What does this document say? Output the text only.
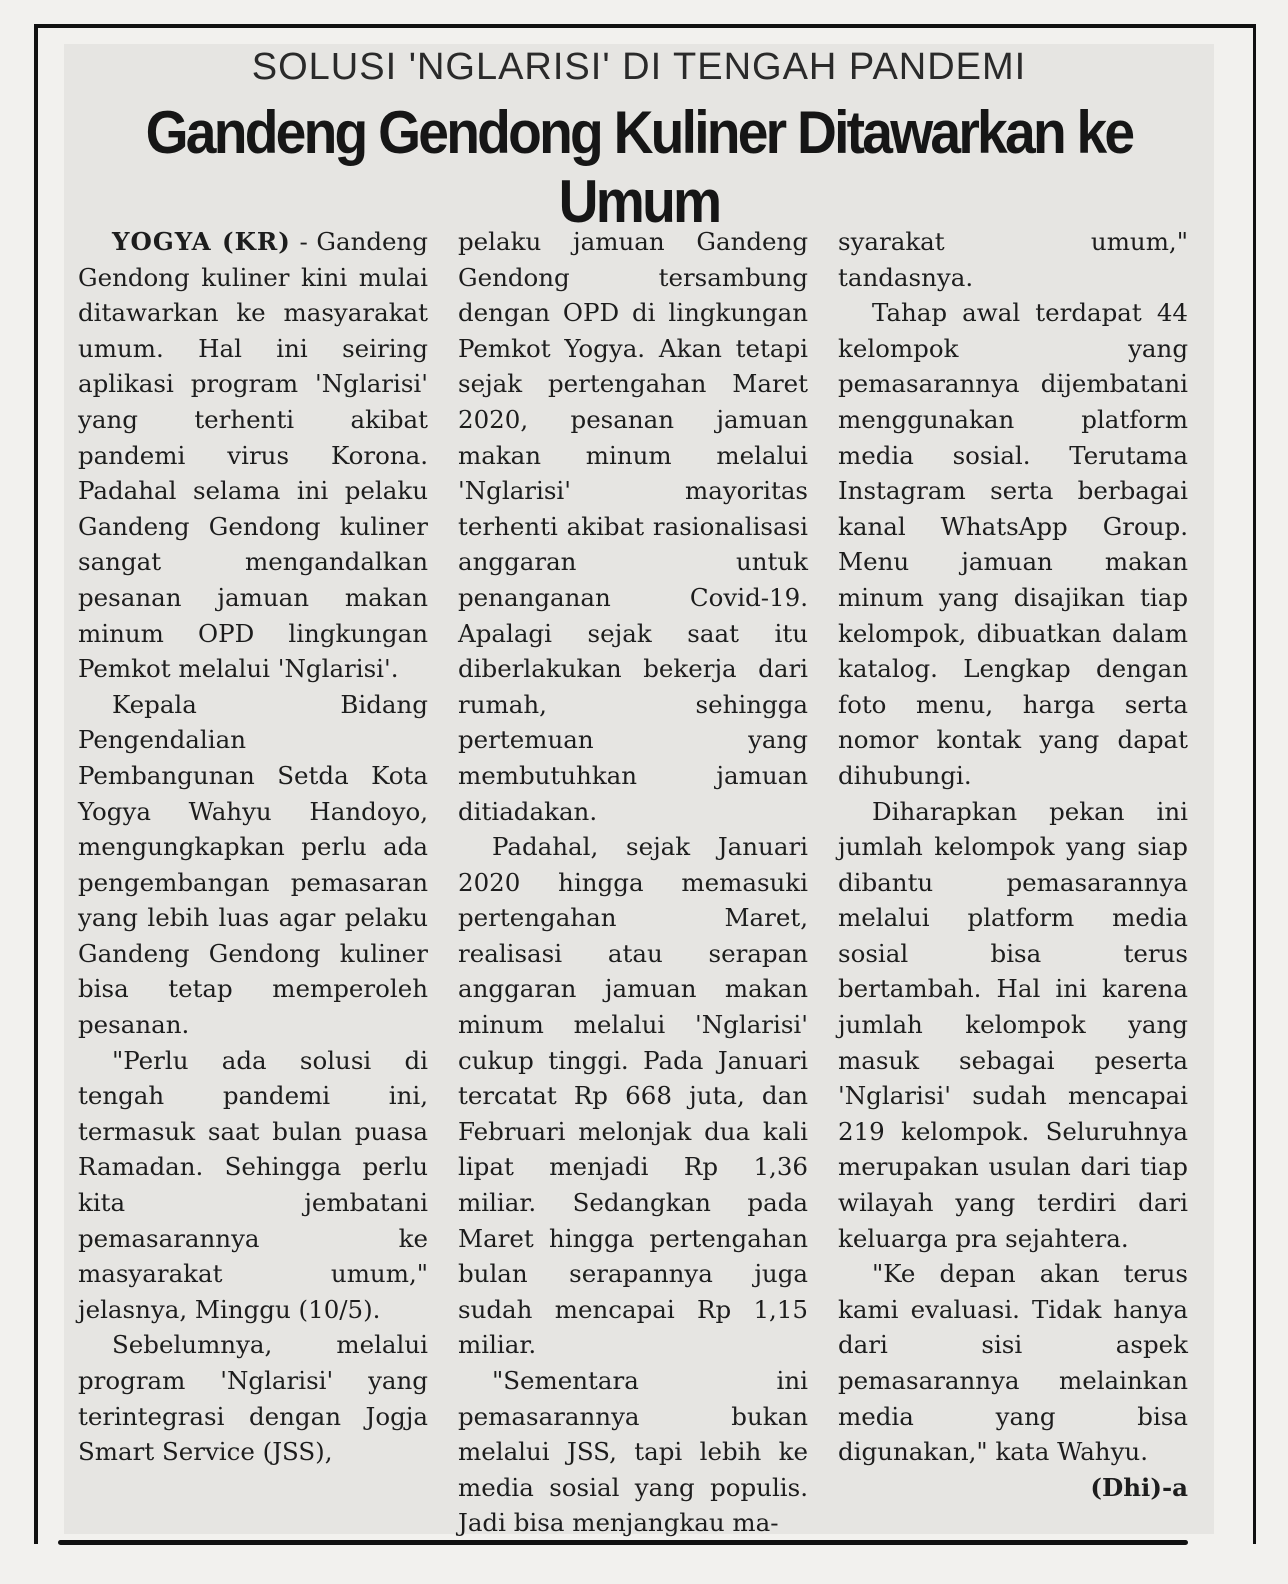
SOLUSI 'NGLARISI' DI TENGAH PANDEMI
Gandeng Gendong Kuliner Ditawarkan ke Umum

YOGYA (KR) - Gandeng Gendong kuliner kini mulai ditawarkan ke masyarakat umum. Hal ini seiring aplikasi program 'Nglarisi' yang terhenti akibat pandemi virus Korona. Padahal selama ini pelaku Gandeng Gendong kuliner sangat mengandalkan pesanan jamuan makan minum OPD lingkungan Pemkot melalui 'Nglarisi'.

Kepala Bidang Pengendalian Pembangunan Setda Kota Yogya Wahyu Handoyo, mengungkapkan perlu ada pengembangan pemasaran yang lebih luas agar pelaku Gandeng Gendong kuliner bisa tetap memperoleh pesanan.

"Perlu ada solusi di tengah pandemi ini, termasuk saat bulan puasa Ramadan. Sehingga perlu kita jembatani pemasarannya ke masyarakat umum," jelasnya, Minggu (10/5).

Sebelumnya, melalui program 'Nglarisi' yang terintegrasi dengan Jogja Smart Service (JSS),

pelaku jamuan Gandeng Gendong tersambung dengan OPD di lingkungan Pemkot Yogya. Akan tetapi sejak pertengahan Maret 2020, pesanan jamuan makan minum melalui 'Nglarisi' mayoritas terhenti akibat rasionalisasi anggaran untuk penanganan Covid-19. Apalagi sejak saat itu diberlakukan bekerja dari rumah, sehingga pertemuan yang membutuhkan jamuan ditiadakan.

Padahal, sejak Januari 2020 hingga memasuki pertengahan Maret, realisasi atau serapan anggaran jamuan makan minum melalui 'Nglarisi' cukup tinggi. Pada Januari tercatat Rp 668 juta, dan Februari melonjak dua kali lipat menjadi Rp 1,36 miliar. Sedangkan pada Maret hingga pertengahan bulan serapannya juga sudah mencapai Rp 1,15 miliar.

"Sementara ini pemasarannya bukan melalui JSS, tapi lebih ke media sosial yang populis. Jadi bisa menjangkau ma-

syarakat umum," tandasnya.

Tahap awal terdapat 44 kelompok yang pemasarannya dijembatani menggunakan platform media sosial. Terutama Instagram serta berbagai kanal WhatsApp Group. Menu jamuan makan minum yang disajikan tiap kelompok, dibuatkan dalam katalog. Lengkap dengan foto menu, harga serta nomor kontak yang dapat dihubungi.

Diharapkan pekan ini jumlah kelompok yang siap dibantu pemasarannya melalui platform media sosial bisa terus bertambah. Hal ini karena jumlah kelompok yang masuk sebagai peserta 'Nglarisi' sudah mencapai 219 kelompok. Seluruhnya merupakan usulan dari tiap wilayah yang terdiri dari keluarga pra sejahtera.

"Ke depan akan terus kami evaluasi. Tidak hanya dari sisi aspek pemasarannya melainkan media yang bisa digunakan," kata Wahyu.
(Dhi)-a
